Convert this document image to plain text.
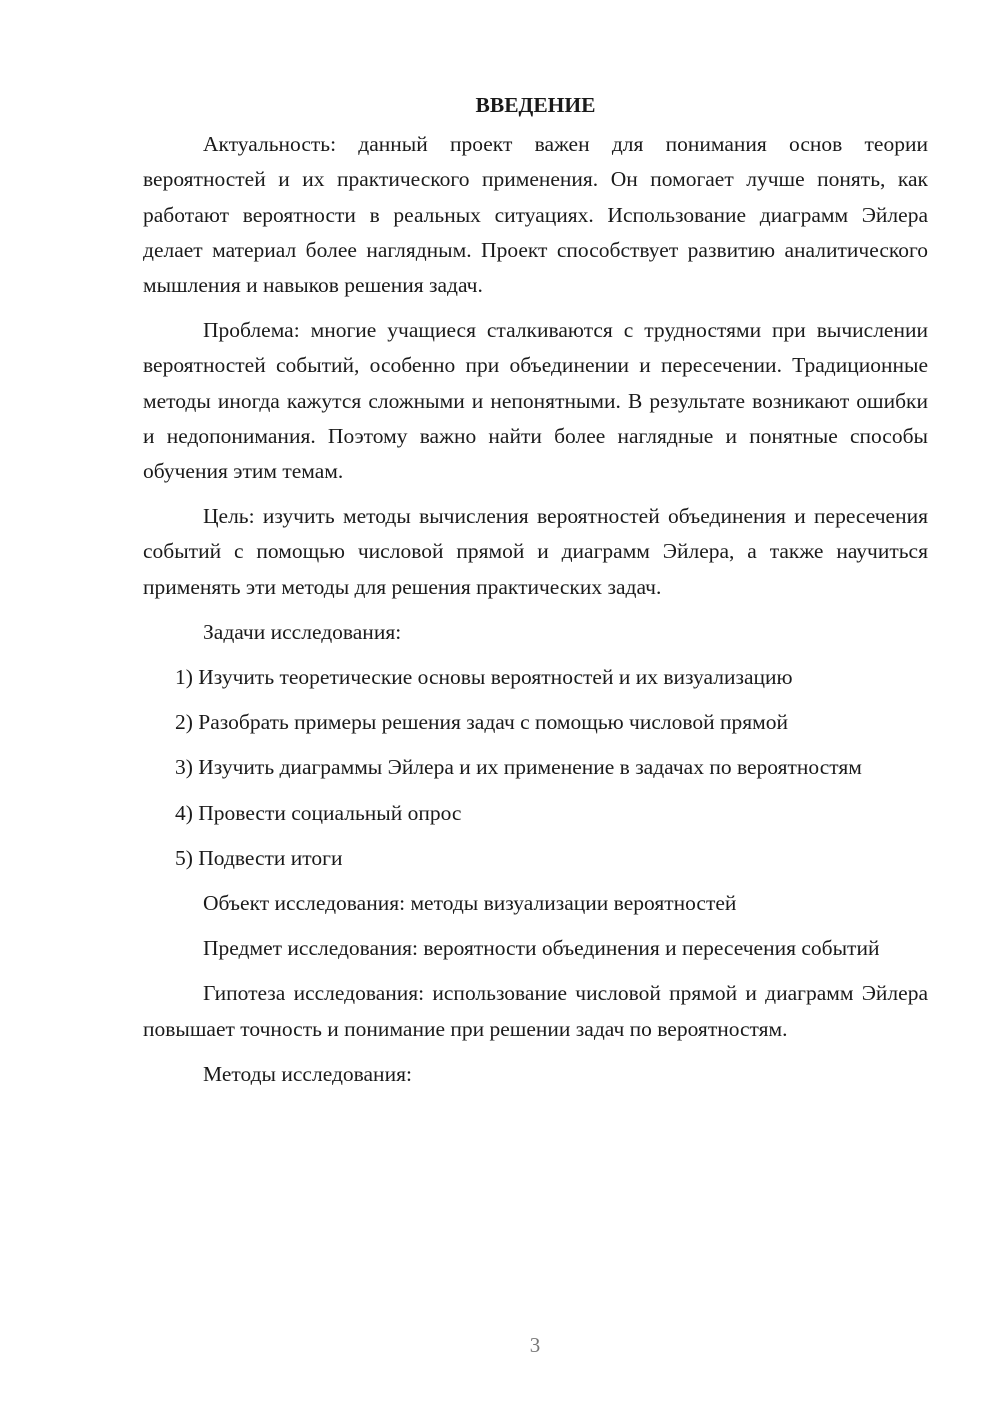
ВВЕДЕНИЕ

Актуальность: данный проект важен для понимания основ теории вероятностей и их практического применения. Он помогает лучше понять, как работают вероятности в реальных ситуациях. Использование диаграмм Эйлера делает материал более наглядным. Проект способствует развитию аналитического мышления и навыков решения задач.

Проблема: многие учащиеся сталкиваются с трудностями при вычислении вероятностей событий, особенно при объединении и пересечении. Традиционные методы иногда кажутся сложными и непонятными. В результате возникают ошибки и недопонимания. Поэтому важно найти более наглядные и понятные способы обучения этим темам.

Цель: изучить методы вычисления вероятностей объединения и пересечения событий с помощью числовой прямой и диаграмм Эйлера, а также научиться применять эти методы для решения практических задач.

Задачи исследования:

1) Изучить теоретические основы вероятностей и их визуализацию

2) Разобрать примеры решения задач с помощью числовой прямой

3) Изучить диаграммы Эйлера и их применение в задачах по вероятностям

4) Провести социальный опрос

5) Подвести итоги

Объект исследования: методы визуализации вероятностей

Предмет исследования: вероятности объединения и пересечения событий

Гипотеза исследования: использование числовой прямой и диаграмм Эйлера повышает точность и понимание при решении задач по вероятностям.

Методы исследования:

3
